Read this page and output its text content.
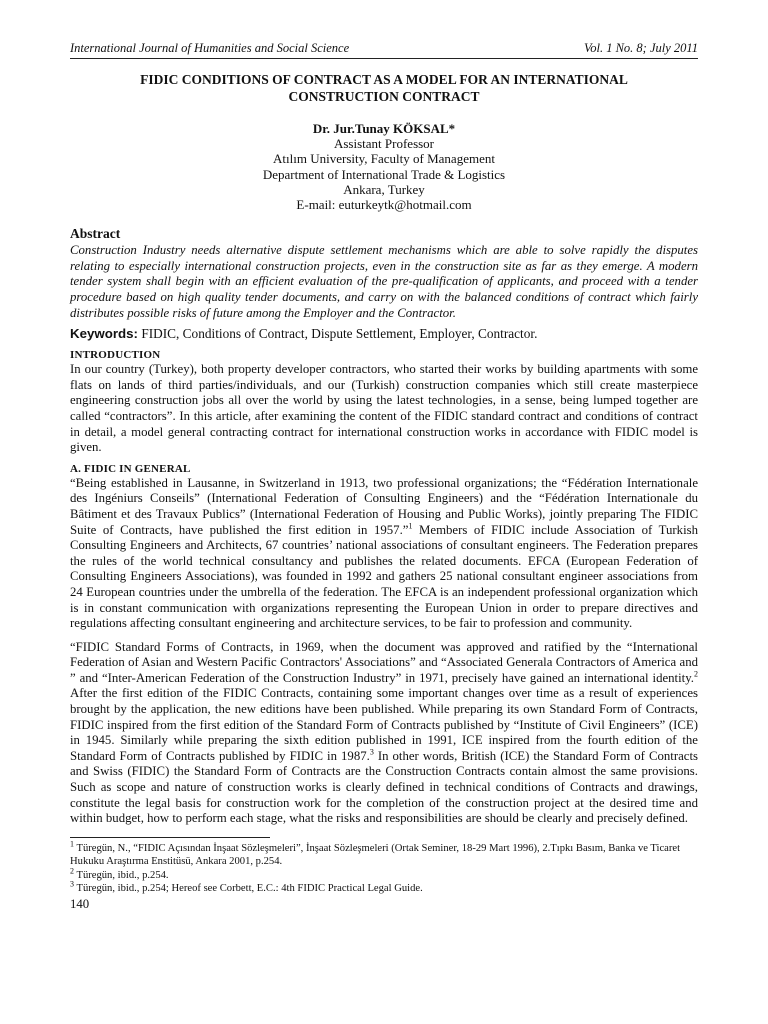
International Journal of Humanities and Social Science	Vol. 1 No. 8; July 2011
FIDIC CONDITIONS OF CONTRACT AS A MODEL FOR AN INTERNATIONAL
CONSTRUCTION CONTRACT
Dr. Jur.Tunay KÖKSAL*
Assistant Professor
Atılım University, Faculty of Management
Department of International Trade & Logistics
Ankara, Turkey
E-mail: euturkeytk@hotmail.com
Abstract

Construction Industry needs alternative dispute settlement mechanisms which are able to solve rapidly the disputes relating to especially international construction projects, even in the construction site as far as they emerge. A modern tender system shall begin with an efficient evaluation of the pre-qualification of applicants, and proceed with a tender procedure based on high quality tender documents, and carry on with the balanced conditions of contract which fairly distributes possible risks of future among the Employer and the Contractor.

Keywords: FIDIC, Conditions of Contract, Dispute Settlement, Employer, Contractor.
INTRODUCTION

In our country (Turkey), both property developer contractors, who started their works by building apartments with some flats on lands of third parties/individuals, and our (Turkish) construction companies which still create masterpiece engineering construction jobs all over the world by using the latest technologies, in a sense, being lumped together are called “contractors”. In this article, after examining the content of the FIDIC standard contract and conditions of contract in detail, a model general contracting contract for international construction works in accordance with FIDIC model is given.

A. FIDIC IN GENERAL

“Being established in Lausanne, in Switzerland in 1913, two professional organizations; the “Fédération Internationale des Ingéniurs Conseils” (International Federation of Consulting Engineers) and the “Fédération Internationale du Bâtiment et des Travaux Publics” (International Federation of Housing and Public Works), jointly preparing The FIDIC Suite of Contracts, have published the first edition in 1957.”$^1$ Members of FIDIC include Association of Turkish Consulting Engineers and Architects, 67 countries’ national associations of consultant engineers. The Federation prepares the rules of the world technical consultancy and publishes the related documents. EFCA (European Federation of Consulting Engineers Associations), was founded in 1992 and gathers 25 national consultant engineer associations from 24 European countries under the umbrella of the federation. The EFCA is an independent professional organization which is in constant communication with organizations representing the European Union in order to prepare directives and regulations affecting consultant engineering and architecture services, to be fair to profession and community.

“FIDIC Standard Forms of Contracts, in 1969, when the document was approved and ratified by the “International Federation of Asian and Western Pacific Contractors' Associations” and “Associated Generala Contractors of America and ” and “Inter-American Federation of the Construction Industry” in 1971, precisely have gained an international identity.$^2$ After the first edition of the FIDIC Contracts, containing some important changes over time as a result of experiences brought by the application, the new editions have been published. While preparing its own Standard Form of Contracts, FIDIC inspired from the first edition of the Standard Form of Contracts published by “Institute of Civil Engineers” (ICE) in 1945. Similarly while preparing the sixth edition published in 1991, ICE inspired from the fourth edition of the Standard Form of Contracts published by FIDIC in 1987.$^3$ In other words, British (ICE) the Standard Form of Contracts and Swiss (FIDIC) the Standard Form of Contracts are the Construction Contracts contain almost the same provisions. Such as scope and nature of construction works is clearly defined in technical conditions of Contracts and drawings, constitute the legal basis for construction work for the completion of the construction project at the desired time and within budget, how to perform each stage, what the risks and responsibilities are should be clearly and precisely defined.

$^1$ Türegün, N., “FIDIC Açısından İnşaat Sözleşmeleri”, İnşaat Sözleşmeleri (Ortak Seminer, 18-29 Mart 1996), 2.Tıpkı Basım, Banka ve Ticaret Hukuku Araştırma Enstitüsü, Ankara 2001, p.254.

$^2$ Türegün, ibid., p.254.

$^3$ Türegün, ibid., p.254; Hereof see Corbett, E.C.: 4th FIDIC Practical Legal Guide.

140
